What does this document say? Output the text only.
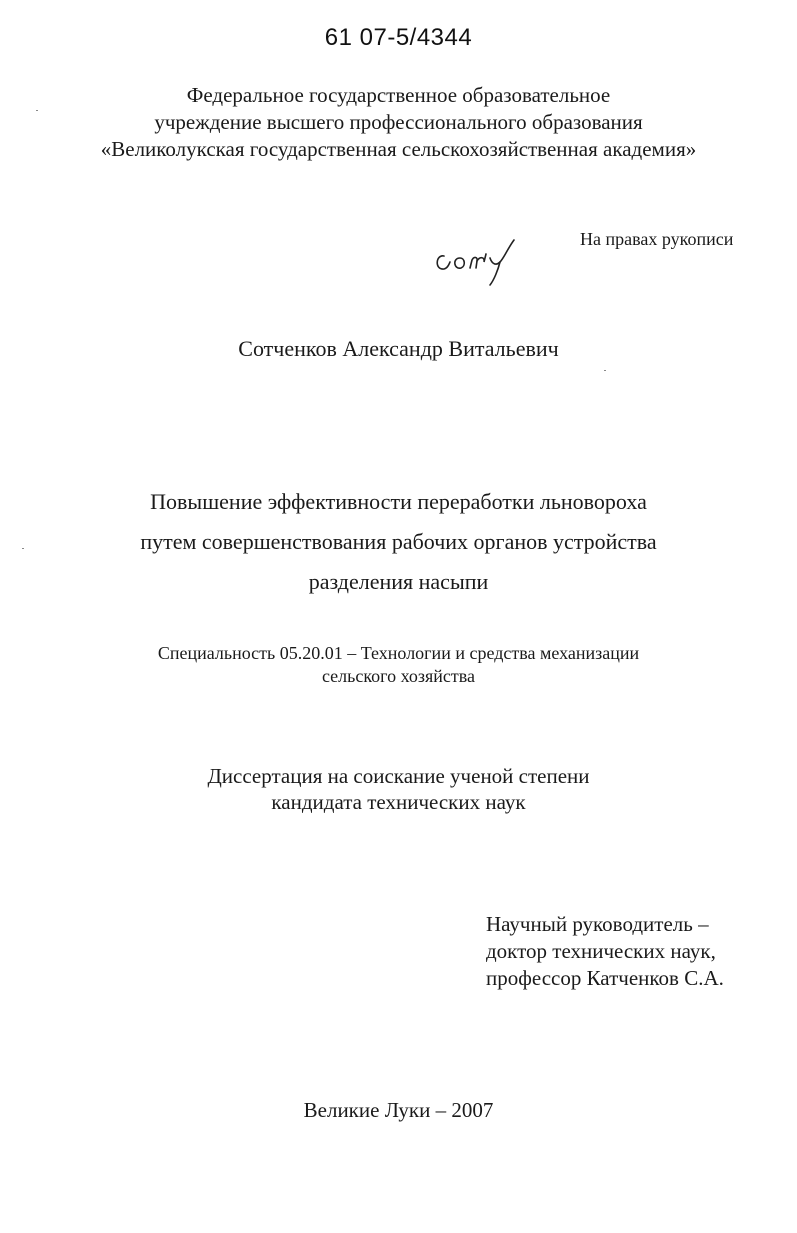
61 07-5/4344
Федеральное государственное образовательное
учреждение высшего профессионального образования
«Великолукская государственная сельскохозяйственная академия»
На правах рукописи
Сотченков Александр Витальевич
Повышение эффективности переработки льновороха
путем совершенствования рабочих органов устройства
разделения насыпи
Специальность 05.20.01 – Технологии и средства механизации
сельского хозяйства
Диссертация на соискание ученой степени
кандидата технических наук
Научный руководитель –
доктор технических наук,
профессор Катченков С.А.
Великие Луки – 2007
